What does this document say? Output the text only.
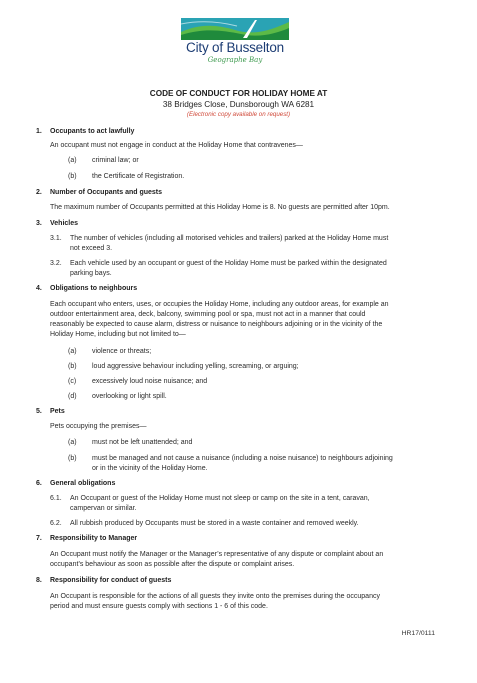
City of Busselton
Geographe Bay
CODE OF CONDUCT FOR HOLIDAY HOME AT
38 Bridges Close, Dunsborough WA 6281
(Electronic copy available on request)
1. Occupants to act lawfully
An occupant must not engage in conduct at the Holiday Home that contravenes—
(a) criminal law; or
(b) the Certificate of Registration.
2. Number of Occupants and guests
The maximum number of Occupants permitted at this Holiday Home is 8. No guests are permitted after 10pm.
3. Vehicles
3.1. The number of vehicles (including all motorised vehicles and trailers) parked at the Holiday Home must
not exceed 3.
3.2. Each vehicle used by an occupant or guest of the Holiday Home must be parked within the designated
parking bays.
4. Obligations to neighbours
Each occupant who enters, uses, or occupies the Holiday Home, including any outdoor areas, for example an
outdoor entertainment area, deck, balcony, swimming pool or spa, must not act in a manner that could
reasonably be expected to cause alarm, distress or nuisance to neighbours adjoining or in the vicinity of the
Holiday Home, including but not limited to—
(a) violence or threats;
(b) loud aggressive behaviour including yelling, screaming, or arguing;
(c) excessively loud noise nuisance; and
(d) overlooking or light spill.
5. Pets
Pets occupying the premises—
(a) must not be left unattended; and
(b) must be managed and not cause a nuisance (including a noise nuisance) to neighbours adjoining
or in the vicinity of the Holiday Home.
6. General obligations
6.1. An Occupant or guest of the Holiday Home must not sleep or camp on the site in a tent, caravan,
campervan or similar.
6.2. All rubbish produced by Occupants must be stored in a waste container and removed weekly.
7. Responsibility to Manager
An Occupant must notify the Manager or the Manager’s representative of any dispute or complaint about an
occupant’s behaviour as soon as possible after the dispute or complaint arises.
8. Responsibility for conduct of guests
An Occupant is responsible for the actions of all guests they invite onto the premises during the occupancy
period and must ensure guests comply with sections 1 - 6 of this code.
HR17/0111
